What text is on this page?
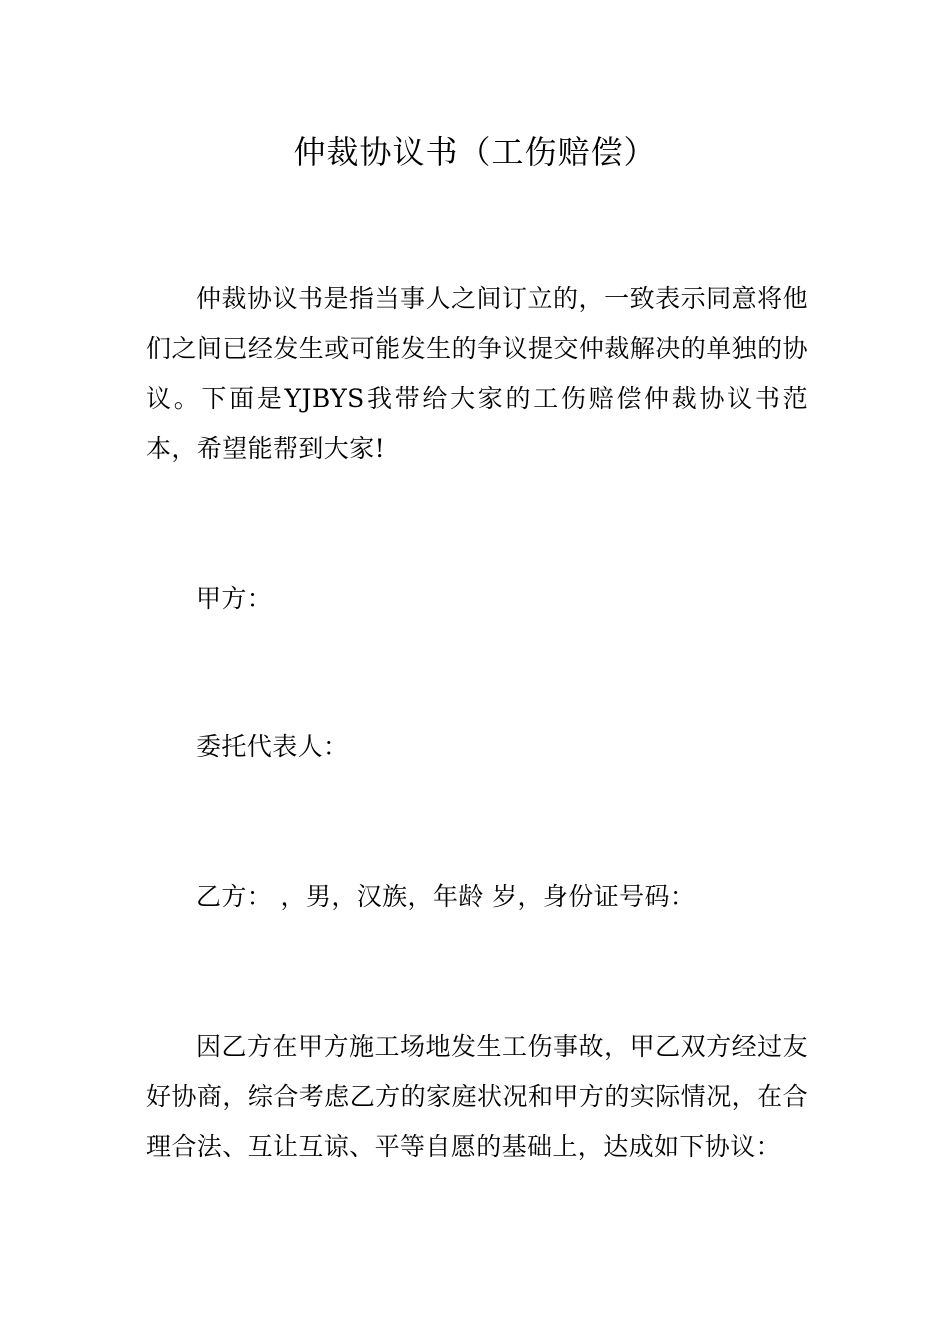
仲裁协议书（工伤赔偿）

仲裁协议书是指当事人之间订立的，一致表示同意将他们之间已经发生或可能发生的争议提交仲裁解决的单独的协议。下面是YJBYS我带给大家的工伤赔偿仲裁协议书范本，希望能帮到大家!

甲方：

委托代表人：

乙方： ，男，汉族，年龄 岁，身份证号码：

因乙方在甲方施工场地发生工伤事故，甲乙双方经过友好协商，综合考虑乙方的家庭状况和甲方的实际情况，在合理合法、互让互谅、平等自愿的基础上，达成如下协议：
